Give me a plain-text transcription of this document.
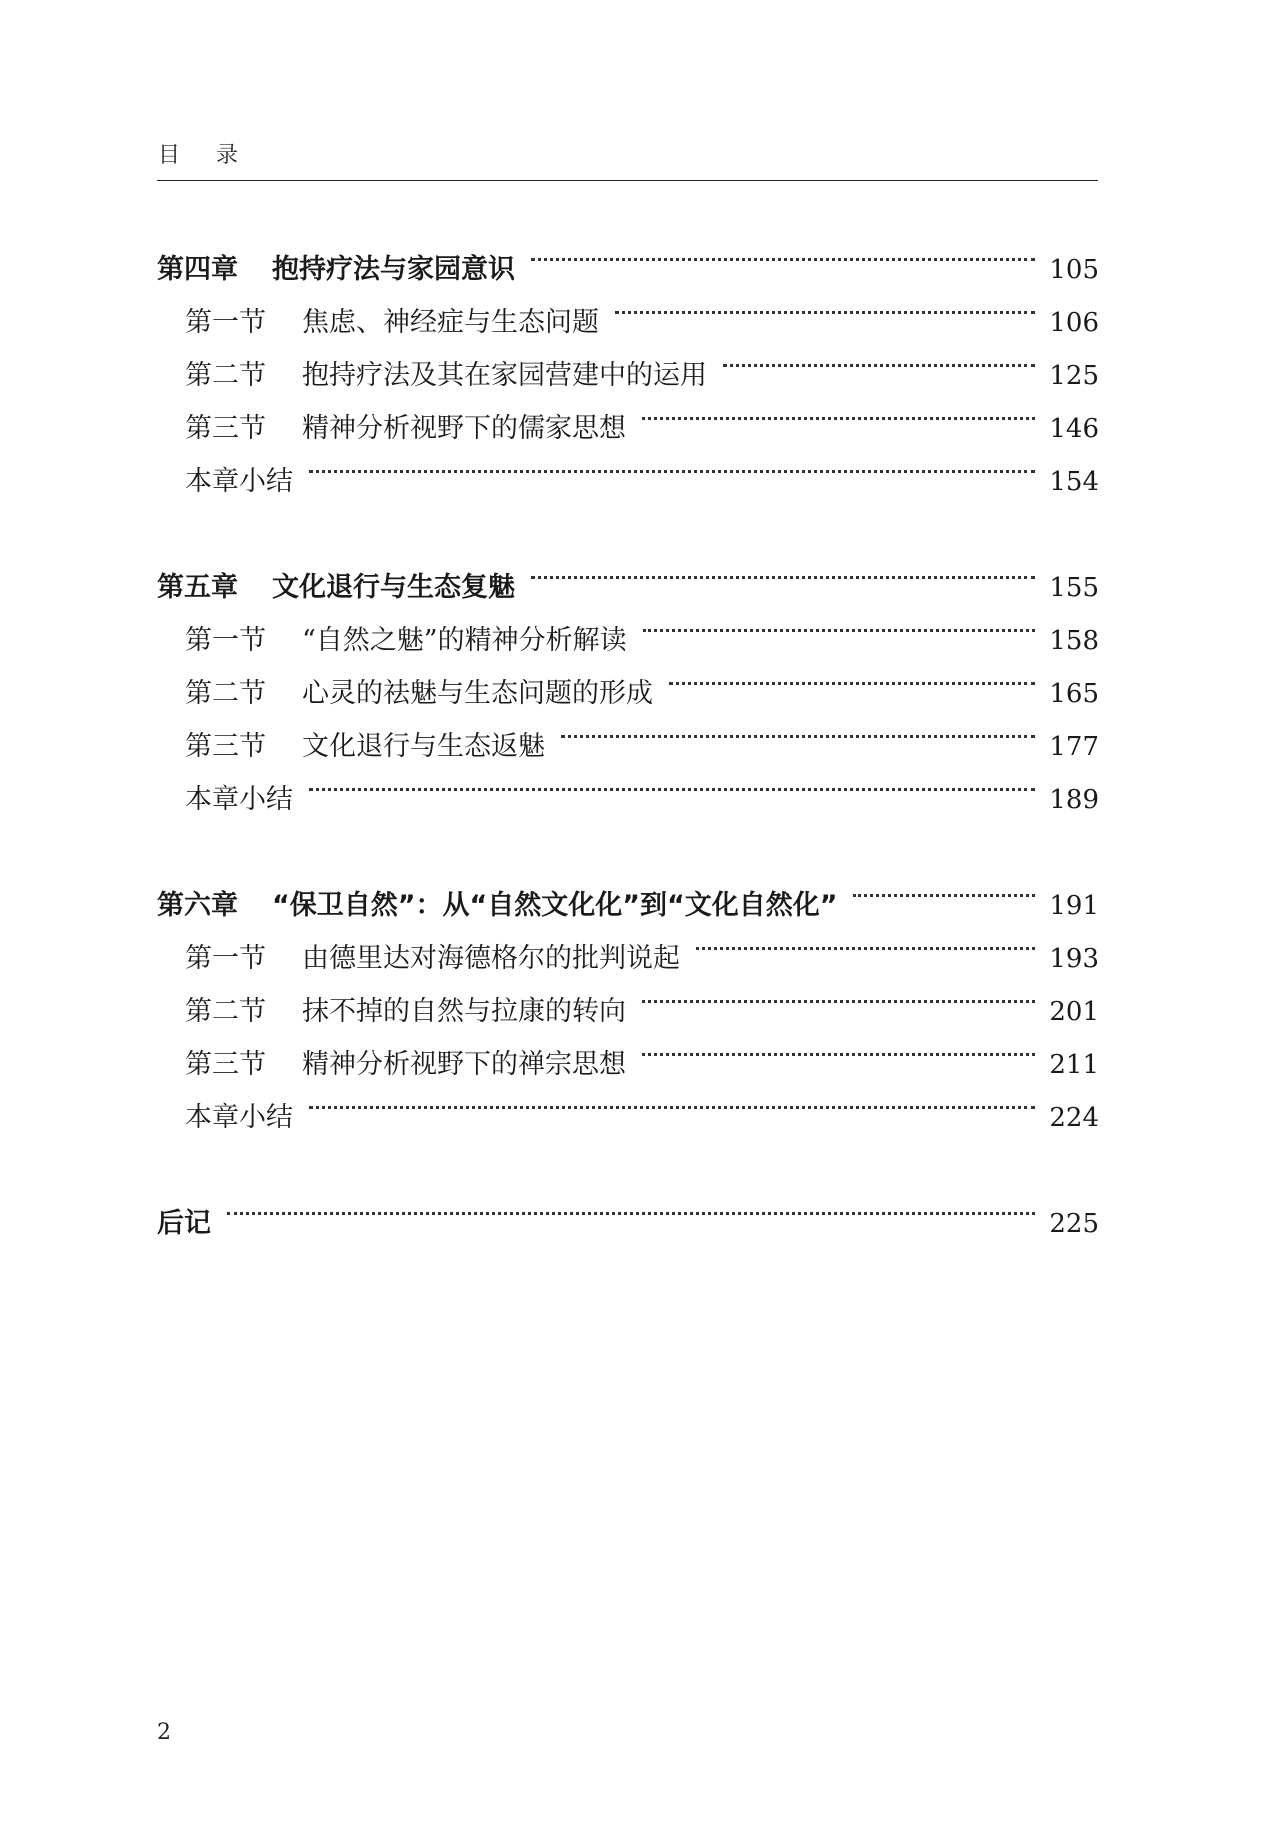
目录
第四章	抱持疗法与家园意识	105
第一节	焦虑、神经症与生态问题	106
第二节	抱持疗法及其在家园营建中的运用	125
第三节	精神分析视野下的儒家思想	146
本章小结	154
第五章	文化退行与生态复魅	155
第一节	“自然之魅”的精神分析解读	158
第二节	心灵的祛魅与生态问题的形成	165
第三节	文化退行与生态返魅	177
本章小结	189
第六章	“保卫自然”：从“自然文化化”到“文化自然化”	191
第一节	由德里达对海德格尔的批判说起	193
第二节	抹不掉的自然与拉康的转向	201
第三节	精神分析视野下的禅宗思想	211
本章小结	224
后记	225
2
